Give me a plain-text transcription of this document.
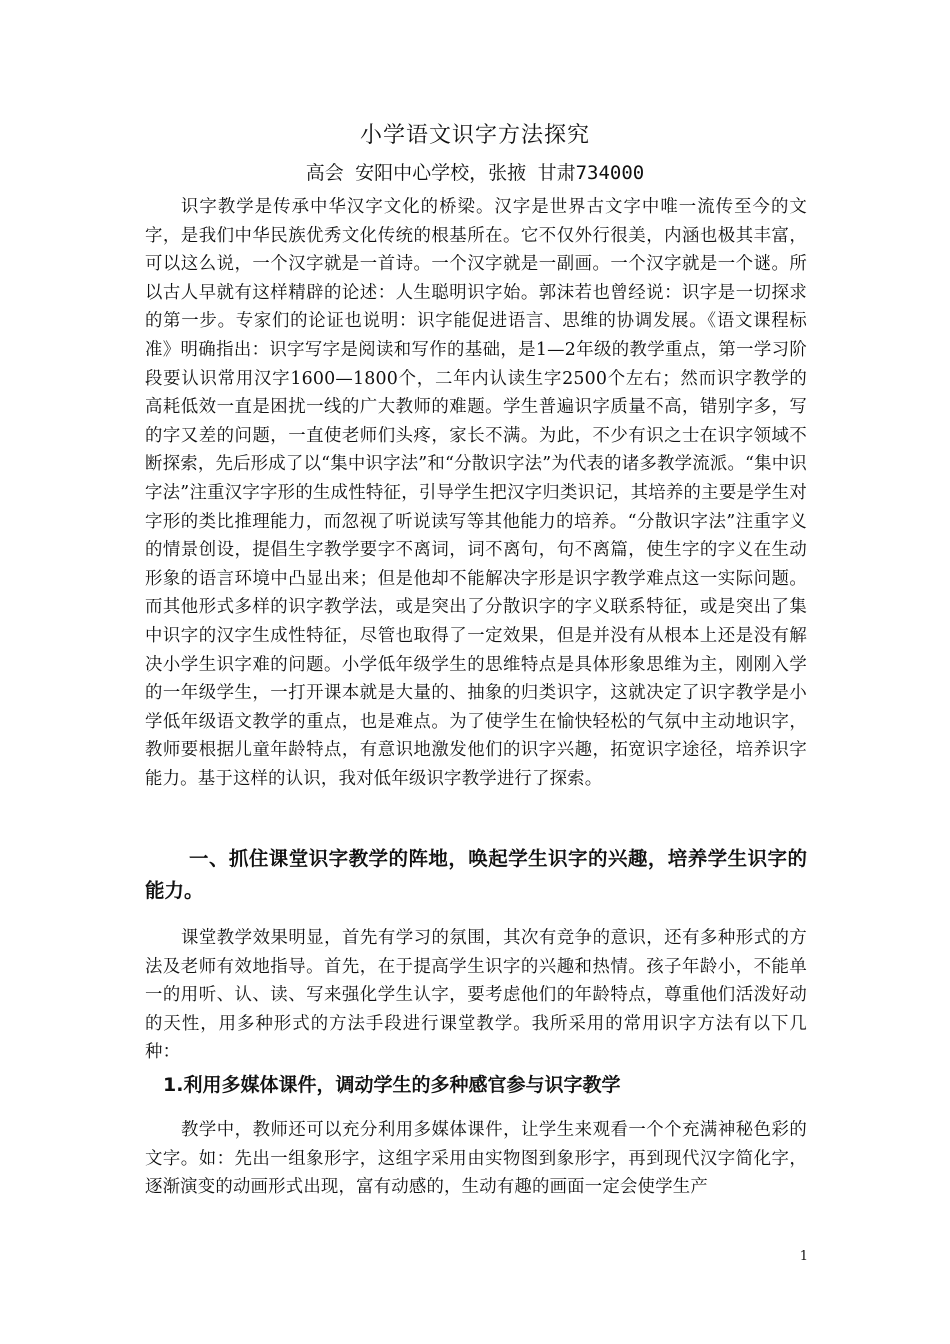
小学语文识字方法探究
高会 安阳中心学校，张掖 甘肃734000

识字教学是传承中华汉字文化的桥梁。汉字是世界古文字中唯一流传至今的文字，是我们中华民族优秀文化传统的根基所在。它不仅外行很美，内涵也极其丰富，可以这么说，一个汉字就是一首诗。一个汉字就是一副画。一个汉字就是一个谜。所以古人早就有这样精辟的论述：人生聪明识字始。郭沫若也曾经说：识字是一切探求的第一步。专家们的论证也说明：识字能促进语言、思维的协调发展。《语文课程标准》明确指出：识字写字是阅读和写作的基础，是1—2年级的教学重点，第一学习阶段要认识常用汉字1600—1800个，二年内认读生字2500个左右；然而识字教学的高耗低效一直是困扰一线的广大教师的难题。学生普遍识字质量不高，错别字多，写的字又差的问题，一直使老师们头疼，家长不满。为此，不少有识之士在识字领域不断探索，先后形成了以“集中识字法”和“分散识字法”为代表的诸多教学流派。“集中识字法”注重汉字字形的生成性特征，引导学生把汉字归类识记，其培养的主要是学生对字形的类比推理能力，而忽视了听说读写等其他能力的培养。“分散识字法”注重字义的情景创设，提倡生字教学要字不离词，词不离句，句不离篇，使生字的字义在生动形象的语言环境中凸显出来；但是他却不能解决字形是识字教学难点这一实际问题。而其他形式多样的识字教学法，或是突出了分散识字的字义联系特征，或是突出了集中识字的汉字生成性特征，尽管也取得了一定效果，但是并没有从根本上还是没有解决小学生识字难的问题。小学低年级学生的思维特点是具体形象思维为主，刚刚入学的一年级学生，一打开课本就是大量的、抽象的归类识字，这就决定了识字教学是小学低年级语文教学的重点，也是难点。为了使学生在愉快轻松的气氛中主动地识字，教师要根据儿童年龄特点，有意识地激发他们的识字兴趣，拓宽识字途径，培养识字能力。基于这样的认识，我对低年级识字教学进行了探索。

一、抓住课堂识字教学的阵地，唤起学生识字的兴趣，培养学生识字的能力。

课堂教学效果明显，首先有学习的氛围，其次有竞争的意识，还有多种形式的方法及老师有效地指导。首先，在于提高学生识字的兴趣和热情。孩子年龄小，不能单一的用听、认、读、写来强化学生认字，要考虑他们的年龄特点，尊重他们活泼好动的天性，用多种形式的方法手段进行课堂教学。我所采用的常用识字方法有以下几种：

1.利用多媒体课件，调动学生的多种感官参与识字教学

教学中，教师还可以充分利用多媒体课件，让学生来观看一个个充满神秘色彩的文字。如：先出一组象形字，这组字采用由实物图到象形字，再到现代汉字简化字，逐渐演变的动画形式出现，富有动感的，生动有趣的画面一定会使学生产

1
